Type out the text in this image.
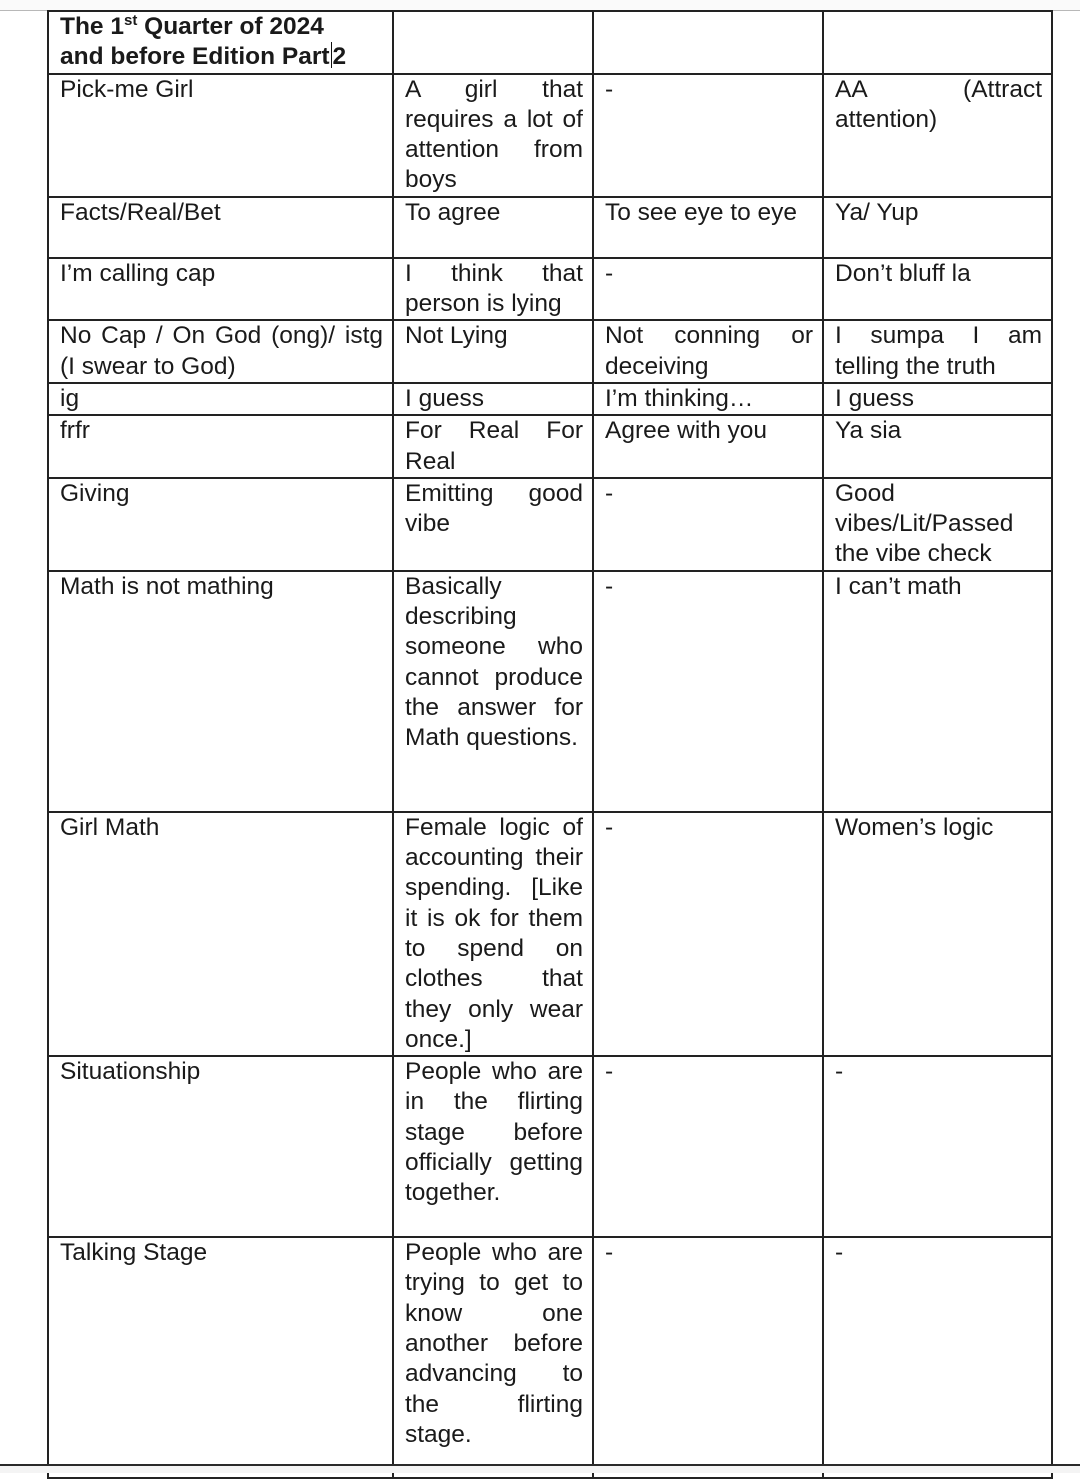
The 1st Quarter of 2024
and before Edition Part 2			
Pick-me Girl	A girl that requires a lot of attention from boys	-	AA (Attract attention)
Facts/Real/Bet	To agree	To see eye to eye	Ya/ Yup
I’m calling cap	I think that person is lying	-	Don’t bluff la
No Cap / On God (ong)/ istg (I swear to God)	Not Lying	Not conning or deceiving	I sumpa I am telling the truth
ig	I guess	I’m thinking…	I guess
frfr	For Real For Real	Agree with you	Ya sia
Giving	Emitting good vibe	-	Good vibes/Lit/Passed the vibe check
Math is not mathing	Basically describing someone who cannot produce the answer for Math questions.	-	I can’t math
Girl Math	Female logic of accounting their spending. [Like it is ok for them to spend on clothes that they only wear once.]	-	Women’s logic
Situationship	People who are in the flirting stage before officially getting together.	-	-
Talking Stage	People who are trying to get to know one another before advancing to the flirting stage.	-	-
